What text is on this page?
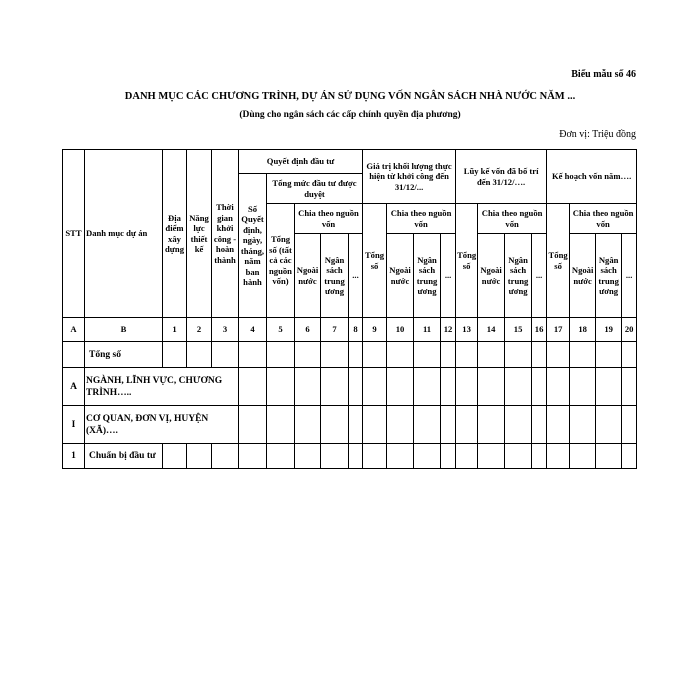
Biểu mẫu số 46
DANH MỤC CÁC CHƯƠNG TRÌNH, DỰ ÁN SỬ DỤNG VỐN NGÂN SÁCH NHÀ NƯỚC NĂM ...
(Dùng cho ngân sách các cấp chính quyền địa phương)
Đơn vị: Triệu đồng
STT	Danh mục dự án	Địa điểm xây dựng	Năng lực thiết kế	Thời gian khởi công - hoàn thành	Quyết định đầu tư					Giá trị khối lượng thực hiện từ khởi công đến 31/12/...				Lũy kế vốn đã bố trí đến 31/12/….				Kế hoạch vốn năm….			
					Số Quyết định, ngày, tháng, năm ban hành	Tổng mức đầu tư được duyệt															
						Tổng số (tất cả các nguồn vốn)	Chia theo nguồn vốn			Tổng số	Chia theo nguồn vốn			Tổng số	Chia theo nguồn vốn			Tổng số	Chia theo nguồn vốn		
							Ngoài nước	Ngân sách trung ương	...		Ngoài nước	Ngân sách trung ương	...		Ngoài nước	Ngân sách trung ương	...		Ngoài nước	Ngân sách trung ương	...
A	B	1	2	3	4	5	6	7	8	9	10	11	12	13	14	15	16	17	18	19	20
	Tổng số																				
A	NGÀNH, LĨNH VỰC, CHƯƠNG TRÌNH…..																				
I	CƠ QUAN, ĐƠN VỊ, HUYỆN (XÃ)….																				
1	Chuẩn bị đầu tư																				
